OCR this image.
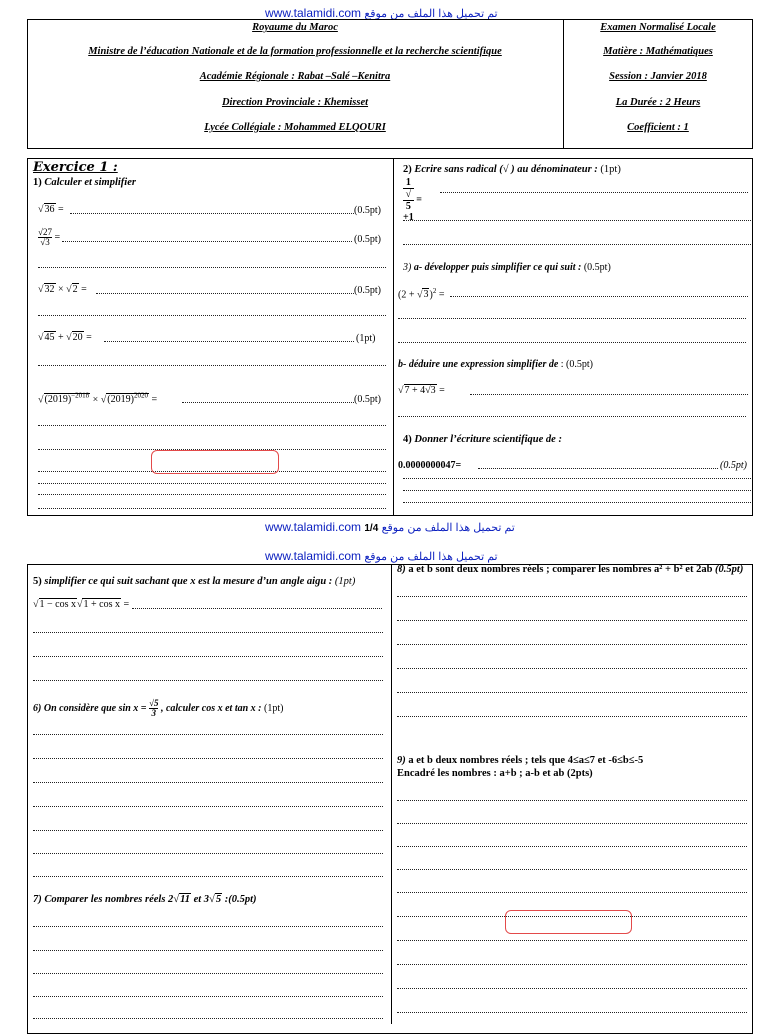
www.talamidi.com تم تحميل هذا الملف من موقع
Royaume du Maroc
Ministre de l’éducation Nationale et de la formation professionnelle et la recherche scientifique
Académie Régionale : Rabat –Salé –Kenitra
Direction Provinciale : Khemisset
Lycée Collégiale : Mohammed ELQOURI
Examen Normalisé Locale
Matière : Mathématiques
Session : Janvier 2018
La Durée : 2 Heurs
Coefficient : 1
Exercice 1 :
1) Calculer et simplifier
√36 =	(0.5pt)
$\frac{√27}{√3}$ =	(0.5pt)
√32 × √2 =	(0.5pt)
√45 + √20 =	(1pt)
$√(2019)^{-2018} \times √(2019)^{2020}$ =	(0.5pt)
2) Ecrire sans radical (√ ) au dénominateur : (1pt)
1
√
5
+1 =
3) a- développer puis simplifier ce qui suit : (0.5pt)
$(2 + √3)^2$ =
b- déduire une expression simplifier de : (0.5pt)
√7 + 4√3 =
4) Donner l’écriture scientifique de :
0.0000000047=	(0.5pt)
www.talamidi.com 1/4 تم تحميل هذا الملف من موقع
www.talamidi.com تم تحميل هذا الملف من موقع
5) simplifier ce qui suit sachant que x est la mesure d’un angle aigu : (1pt)
√1 − cos x√1 + cos x =
6) On considère que $\sin x = \frac{√5}{3}$ , calculer cos x et tan x : (1pt)
7) Comparer les nombres réels 2√11 et 3√5 :(0.5pt)
8) a et b sont deux nombres réels ; comparer les nombres a² + b² et 2ab (0.5pt)
9) a et b deux nombres réels ; tels que 4≤a≤7 et -6≤b≤-5
Encadré les nombres : a+b ; a-b et ab (2pts)
